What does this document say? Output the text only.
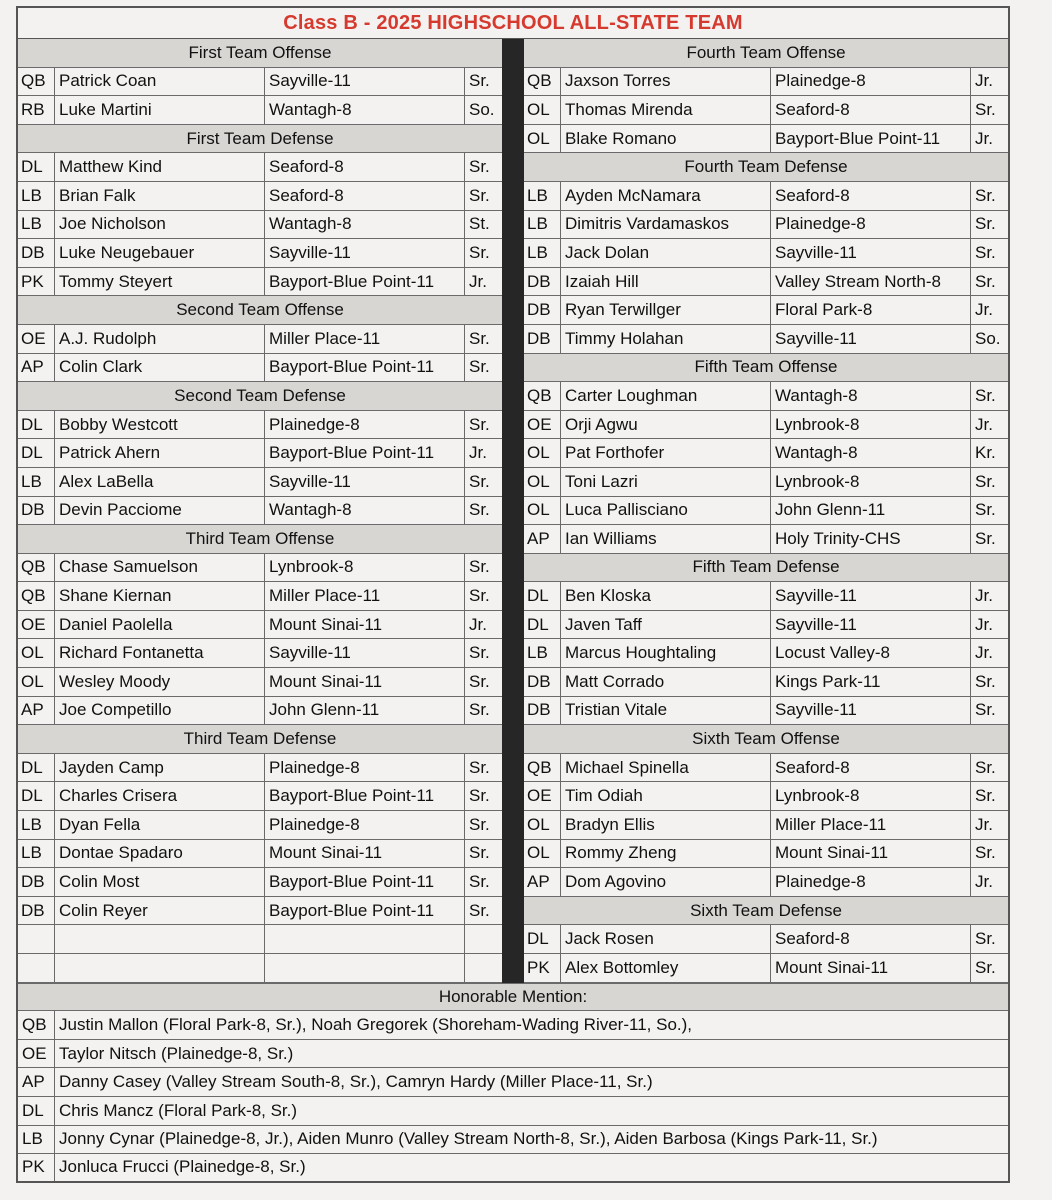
Class B - 2025 HIGHSCHOOL ALL-STATE TEAM
First Team Offense
QB Patrick Coan	Sayville-11	Sr.
RB Luke Martini	Wantagh-8	So.
First Team Defense
DL Matthew Kind	Seaford-8	Sr.
LB	Brian Falk	Seaford-8	Sr.
LB	Joe Nicholson	Wantagh-8	St.
DB Luke Neugebauer	Sayville-11	Sr.
PK Tommy Steyert	Bayport-Blue Point-11	Jr.
Second Team Offense
OE A.J. Rudolph	Miller Place-11	Sr.
AP Colin Clark	Bayport-Blue Point-11	Sr.
Second Team Defense
DL Bobby Westcott	Plainedge-8	Sr.
DL Patrick Ahern	Bayport-Blue Point-11	Jr.
LB	Alex LaBella	Sayville-11	Sr.
DB Devin Pacciome	Wantagh-8	Sr.
Third Team Offense
QB Chase Samuelson	Lynbrook-8	Sr.
QB Shane Kiernan	Miller Place-11	Sr.
OE Daniel Paolella	Mount Sinai-11	Jr.
OL Richard Fontanetta	Sayville-11	Sr.
OL Wesley Moody	Mount Sinai-11	Sr.
AP Joe Competillo	John Glenn-11	Sr.
Third Team Defense
DL Jayden Camp	Plainedge-8	Sr.
DL Charles Crisera	Bayport-Blue Point-11	Sr.
LB	Dyan Fella	Plainedge-8	Sr.
LB	Dontae Spadaro	Mount Sinai-11	Sr.
DB Colin Most	Bayport-Blue Point-11	Sr.
DB Colin Reyer	Bayport-Blue Point-11	Sr.
Fourth Team Offense
QB Jaxson Torres	Plainedge-8	Jr.
OL Thomas Mirenda	Seaford-8	Sr.
OL Blake Romano	Bayport-Blue Point-11	Jr.
Fourth Team Defense
LB	Ayden McNamara	Seaford-8	Sr.
LB	Dimitris Vardamaskos	Plainedge-8	Sr.
LB	Jack Dolan	Sayville-11	Sr.
DB Izaiah Hill	Valley Stream North-8	Sr.
DB Ryan Terwillger	Floral Park-8	Jr.
DB Timmy Holahan	Sayville-11	So.
Fifth Team Offense
QB Carter Loughman	Wantagh-8	Sr.
OE Orji Agwu	Lynbrook-8	Jr.
OL Pat Forthofer	Wantagh-8	Kr.
OL Toni Lazri	Lynbrook-8	Sr.
OL Luca Pallisciano	John Glenn-11	Sr.
AP Ian Williams	Holy Trinity-CHS	Sr.
Fifth Team Defense
DL Ben Kloska	Sayville-11	Jr.
DL Javen Taff	Sayville-11	Jr.
LB	Marcus Houghtaling	Locust Valley-8	Jr.
DB Matt Corrado	Kings Park-11	Sr.
DB Tristian Vitale	Sayville-11	Sr.
Sixth Team Offense
QB Michael Spinella	Seaford-8	Sr.
OE Tim Odiah	Lynbrook-8	Sr.
OL Bradyn Ellis	Miller Place-11	Jr.
OL Rommy Zheng	Mount Sinai-11	Sr.
AP Dom Agovino	Plainedge-8	Jr.
Sixth Team Defense
DL Jack Rosen	Seaford-8	Sr.
PK Alex Bottomley	Mount Sinai-11	Sr.
Honorable Mention:
QB Justin Mallon (Floral Park-8, Sr.), Noah Gregorek (Shoreham-Wading River-11, So.),
OE Taylor Nitsch (Plainedge-8, Sr.)
AP Danny Casey (Valley Stream South-8, Sr.), Camryn Hardy (Miller Place-11, Sr.)
DL Chris Mancz (Floral Park-8, Sr.)
LB Jonny Cynar (Plainedge-8, Jr.), Aiden Munro (Valley Stream North-8, Sr.), Aiden Barbosa (Kings Park-11, Sr.)
PK Jonluca Frucci (Plainedge-8, Sr.)
